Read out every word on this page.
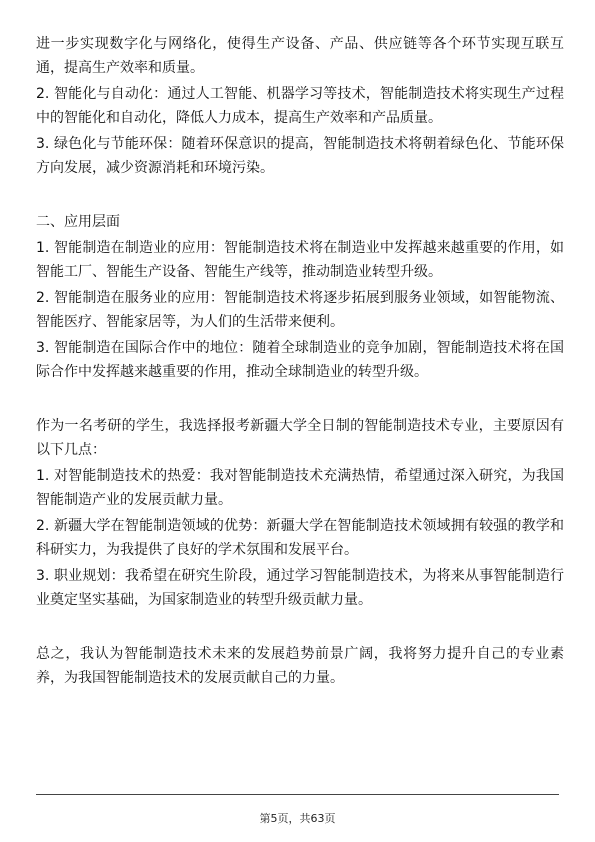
进一步实现数字化与网络化，使得生产设备、产品、供应链等各个环节实现互联互通，提高生产效率和质量。

2. 智能化与自动化：通过人工智能、机器学习等技术，智能制造技术将实现生产过程中的智能化和自动化，降低人力成本，提高生产效率和产品质量。

3. 绿色化与节能环保：随着环保意识的提高，智能制造技术将朝着绿色化、节能环保方向发展，减少资源消耗和环境污染。

二、应用层面

1. 智能制造在制造业的应用：智能制造技术将在制造业中发挥越来越重要的作用，如智能工厂、智能生产设备、智能生产线等，推动制造业转型升级。

2. 智能制造在服务业的应用：智能制造技术将逐步拓展到服务业领域，如智能物流、智能医疗、智能家居等，为人们的生活带来便利。

3. 智能制造在国际合作中的地位：随着全球制造业的竞争加剧，智能制造技术将在国际合作中发挥越来越重要的作用，推动全球制造业的转型升级。

作为一名考研的学生，我选择报考新疆大学全日制的智能制造技术专业，主要原因有以下几点：

1. 对智能制造技术的热爱：我对智能制造技术充满热情，希望通过深入研究，为我国智能制造产业的发展贡献力量。

2. 新疆大学在智能制造领域的优势：新疆大学在智能制造技术领域拥有较强的教学和科研实力，为我提供了良好的学术氛围和发展平台。

3. 职业规划：我希望在研究生阶段，通过学习智能制造技术，为将来从事智能制造行业奠定坚实基础，为国家制造业的转型升级贡献力量。

总之，我认为智能制造技术未来的发展趋势前景广阔，我将努力提升自己的专业素养，为我国智能制造技术的发展贡献自己的力量。

第5页，共63页
